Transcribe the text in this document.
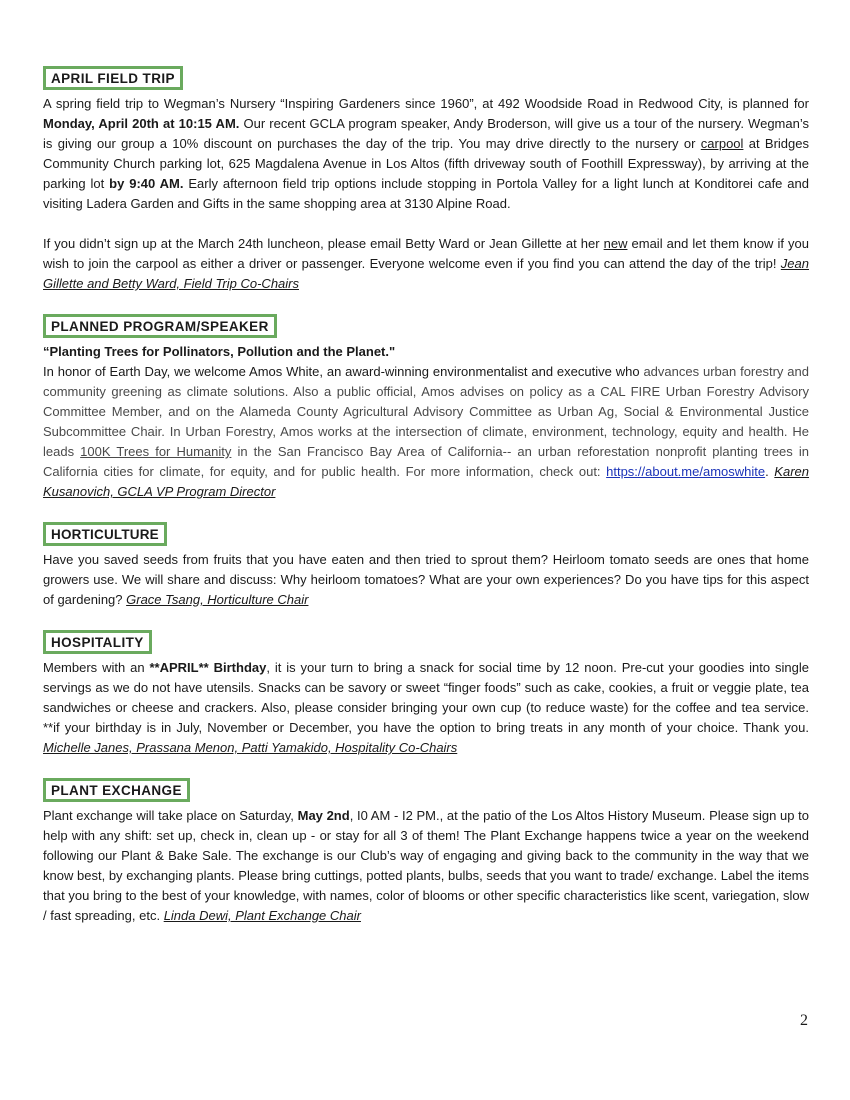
APRIL FIELD TRIP

A spring field trip to Wegman’s Nursery “Inspiring Gardeners since 1960”, at 492 Woodside Road in Redwood City, is planned for Monday, April 20th at 10:15 AM. Our recent GCLA program speaker, Andy Broderson, will give us a tour of the nursery. Wegman’s is giving our group a 10% discount on purchases the day of the trip. You may drive directly to the nursery or carpool at Bridges Community Church parking lot, 625 Magdalena Avenue in Los Altos (fifth driveway south of Foothill Expressway), by arriving at the parking lot by 9:40 AM. Early afternoon field trip options include stopping in Portola Valley for a light lunch at Konditorei cafe and visiting Ladera Garden and Gifts in the same shopping area at 3130 Alpine Road.

If you didn’t sign up at the March 24th luncheon, please email Betty Ward or Jean Gillette at her new email and let them know if you wish to join the carpool as either a driver or passenger. Everyone welcome even if you find you can attend the day of the trip! Jean Gillette and Betty Ward, Field Trip Co-Chairs

PLANNED PROGRAM/SPEAKER
“Planting Trees for Pollinators, Pollution and the Planet."

In honor of Earth Day, we welcome Amos White, an award-winning environmentalist and executive who advances urban forestry and community greening as climate solutions. Also a public official, Amos advises on policy as a CAL FIRE Urban Forestry Advisory Committee Member, and on the Alameda County Agricultural Advisory Committee as Urban Ag, Social & Environmental Justice Subcommittee Chair. In Urban Forestry, Amos works at the intersection of climate, environment, technology, equity and health. He leads 100K Trees for Humanity in the San Francisco Bay Area of California-- an urban reforestation nonprofit planting trees in California cities for climate, for equity, and for public health. For more information, check out: https://about.me/amoswhite. Karen Kusanovich, GCLA VP Program Director

HORTICULTURE

Have you saved seeds from fruits that you have eaten and then tried to sprout them? Heirloom tomato seeds are ones that home growers use. We will share and discuss: Why heirloom tomatoes? What are your own experiences? Do you have tips for this aspect of gardening? Grace Tsang, Horticulture Chair

HOSPITALITY

Members with an **APRIL** Birthday, it is your turn to bring a snack for social time by 12 noon. Pre-cut your goodies into single servings as we do not have utensils. Snacks can be savory or sweet “finger foods” such as cake, cookies, a fruit or veggie plate, tea sandwiches or cheese and crackers. Also, please consider bringing your own cup (to reduce waste) for the coffee and tea service. **if your birthday is in July, November or December, you have the option to bring treats in any month of your choice. Thank you. Michelle Janes, Prassana Menon, Patti Yamakido, Hospitality Co-Chairs

PLANT EXCHANGE

Plant exchange will take place on Saturday, May 2nd, I0 AM - I2 PM., at the patio of the Los Altos History Museum. Please sign up to help with any shift: set up, check in, clean up - or stay for all 3 of them! The Plant Exchange happens twice a year on the weekend following our Plant & Bake Sale. The exchange is our Club’s way of engaging and giving back to the community in the way that we know best, by exchanging plants. Please bring cuttings, potted plants, bulbs, seeds that you want to trade/ exchange. Label the items that you bring to the best of your knowledge, with names, color of blooms or other specific characteristics like scent, variegation, slow / fast spreading, etc. Linda Dewi, Plant Exchange Chair

2
